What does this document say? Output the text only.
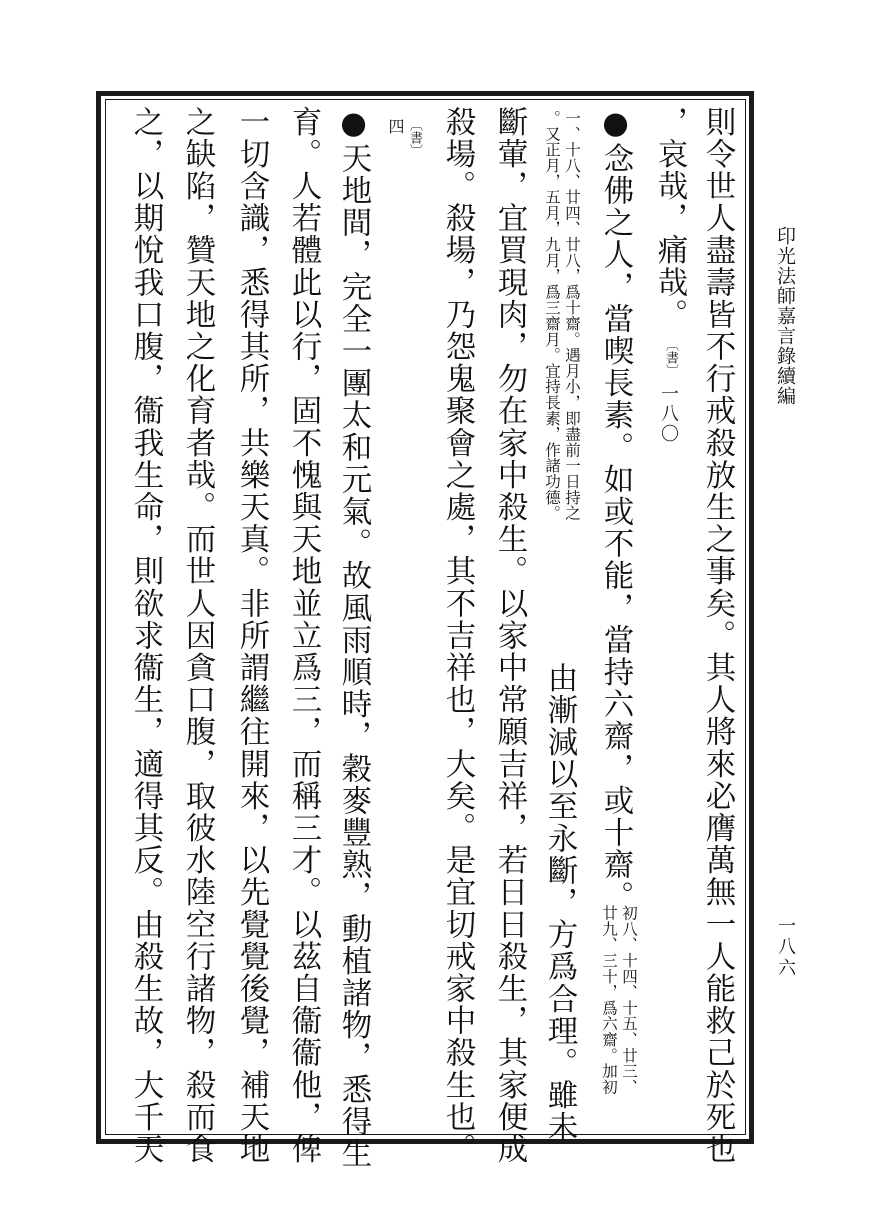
印光法師嘉言錄續編
一八六
則令世人盡壽皆不行戒殺放生之事矣。其人將來必膺萬無一人能救己於死也
，哀哉，痛哉。
〔書〕
一八〇
●念佛之人，當喫長素。如或不能，當持六齋，或十齋。
初八、十四、十五、廿三、
廿九、三十，爲六齋。加初
一、十八、廿四、廿八，爲十齋。遇月小，即盡前一日持之
。又正月，五月，九月，爲三齋月。宜持長素，作諸功德。
由漸減以至永斷，方爲合理。雖未
斷葷，宜買現肉，勿在家中殺生。以家中常願吉祥，若日日殺生，其家便成
殺場。殺場，乃怨鬼聚會之處，其不吉祥也，大矣。是宜切戒家中殺生也。
〔書〕
四
●天地間，完全一團太和元氣。故風雨順時，穀麥豐熟，動植諸物，悉得生
育。人若體此以行，固不愧與天地並立爲三，而稱三才。以茲自衞衞他，俾
一切含識，悉得其所，共樂天真。非所謂繼往開來，以先覺覺後覺，補天地
之缺陷，贊天地之化育者哉。而世人因貪口腹，取彼水陸空行諸物，殺而食
之，以期悅我口腹，衞我生命，則欲求衞生，適得其反。由殺生故，大千天
